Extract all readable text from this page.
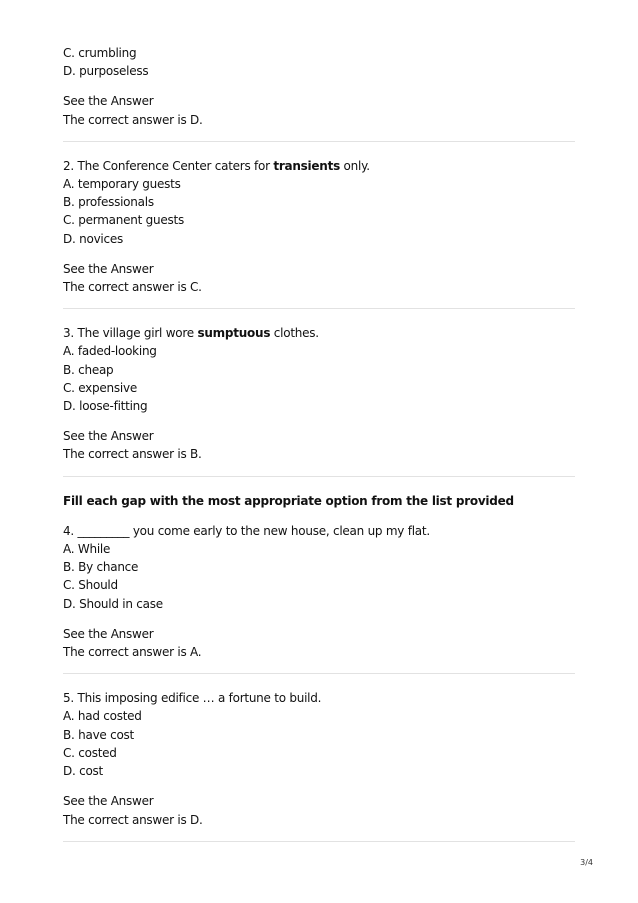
C. crumbling
D. purposeless
See the Answer
The correct answer is D.
2. The Conference Center caters for transients only.
A. temporary guests
B. professionals
C. permanent guests
D. novices
See the Answer
The correct answer is C.
3. The village girl wore sumptuous clothes.
A. faded-looking
B. cheap
C. expensive
D. loose-fitting
See the Answer
The correct answer is B.
Fill each gap with the most appropriate option from the list provided
4. _________ you come early to the new house, clean up my flat.
A. While
B. By chance
C. Should
D. Should in case
See the Answer
The correct answer is A.
5. This imposing edifice … a fortune to build.
A. had costed
B. have cost
C. costed
D. cost
See the Answer
The correct answer is D.
3/4
